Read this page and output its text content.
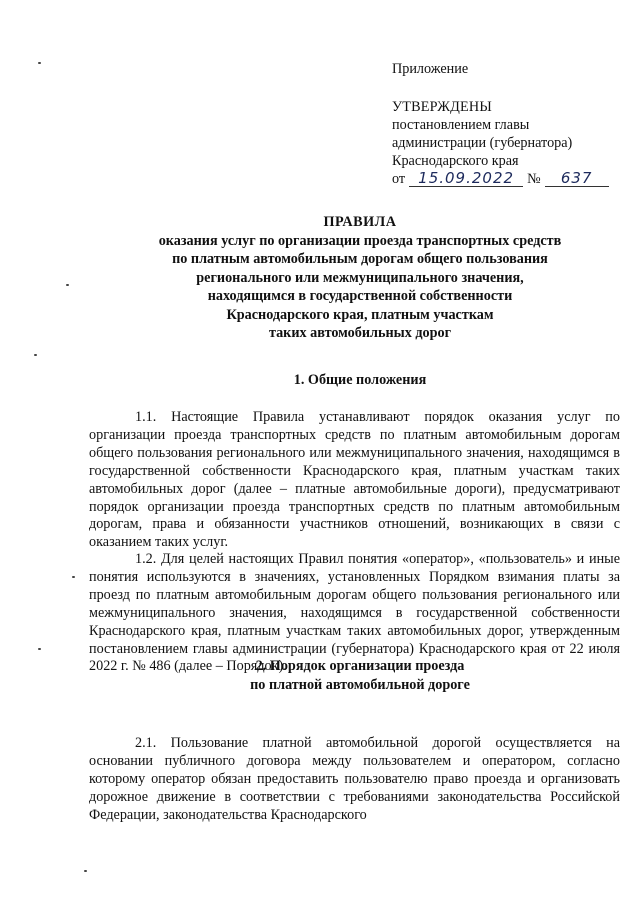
Приложение
УТВЕРЖДЕНЫ
постановлением главы
администрации (губернатора)
Краснодарского края
от 15.09.2022 №	637
ПРАВИЛА
оказания услуг по организации проезда транспортных средств
по платным автомобильным дорогам общего пользования
регионального или межмуниципального значения,
находящимся в государственной собственности
Краснодарского края, платным участкам
таких автомобильных дорог
1. Общие положения
1.1. Настоящие Правила устанавливают порядок оказания услуг по организации проезда транспортных средств по платным автомобильным дорогам общего пользования регионального или межмуниципального значения, находящимся в государственной собственности Краснодарского края, платным участкам таких автомобильных дорог (далее – платные автомобильные дороги), предусматривают порядок организации проезда транспортных средств по платным автомобильным дорогам, права и обязанности участников отношений, возникающих в связи с оказанием таких услуг.
1.2. Для целей настоящих Правил понятия «оператор», «пользователь» и иные понятия используются в значениях, установленных Порядком взимания платы за проезд по платным автомобильным дорогам общего пользования регионального или межмуниципального значения, находящимся в государственной собственности Краснодарского края, платным участкам таких автомобильных дорог, утвержденным постановлением главы администрации (губернатора) Краснодарского края от 22 июля 2022 г. № 486 (далее – Порядок).
2. Порядок организации проезда
по платной автомобильной дороге
2.1. Пользование платной автомобильной дорогой осуществляется на основании публичного договора между пользователем и оператором, согласно которому оператор обязан предоставить пользователю право проезда и организовать дорожное движение в соответствии с требованиями законодательства Российской Федерации, законодательства Краснодарского
